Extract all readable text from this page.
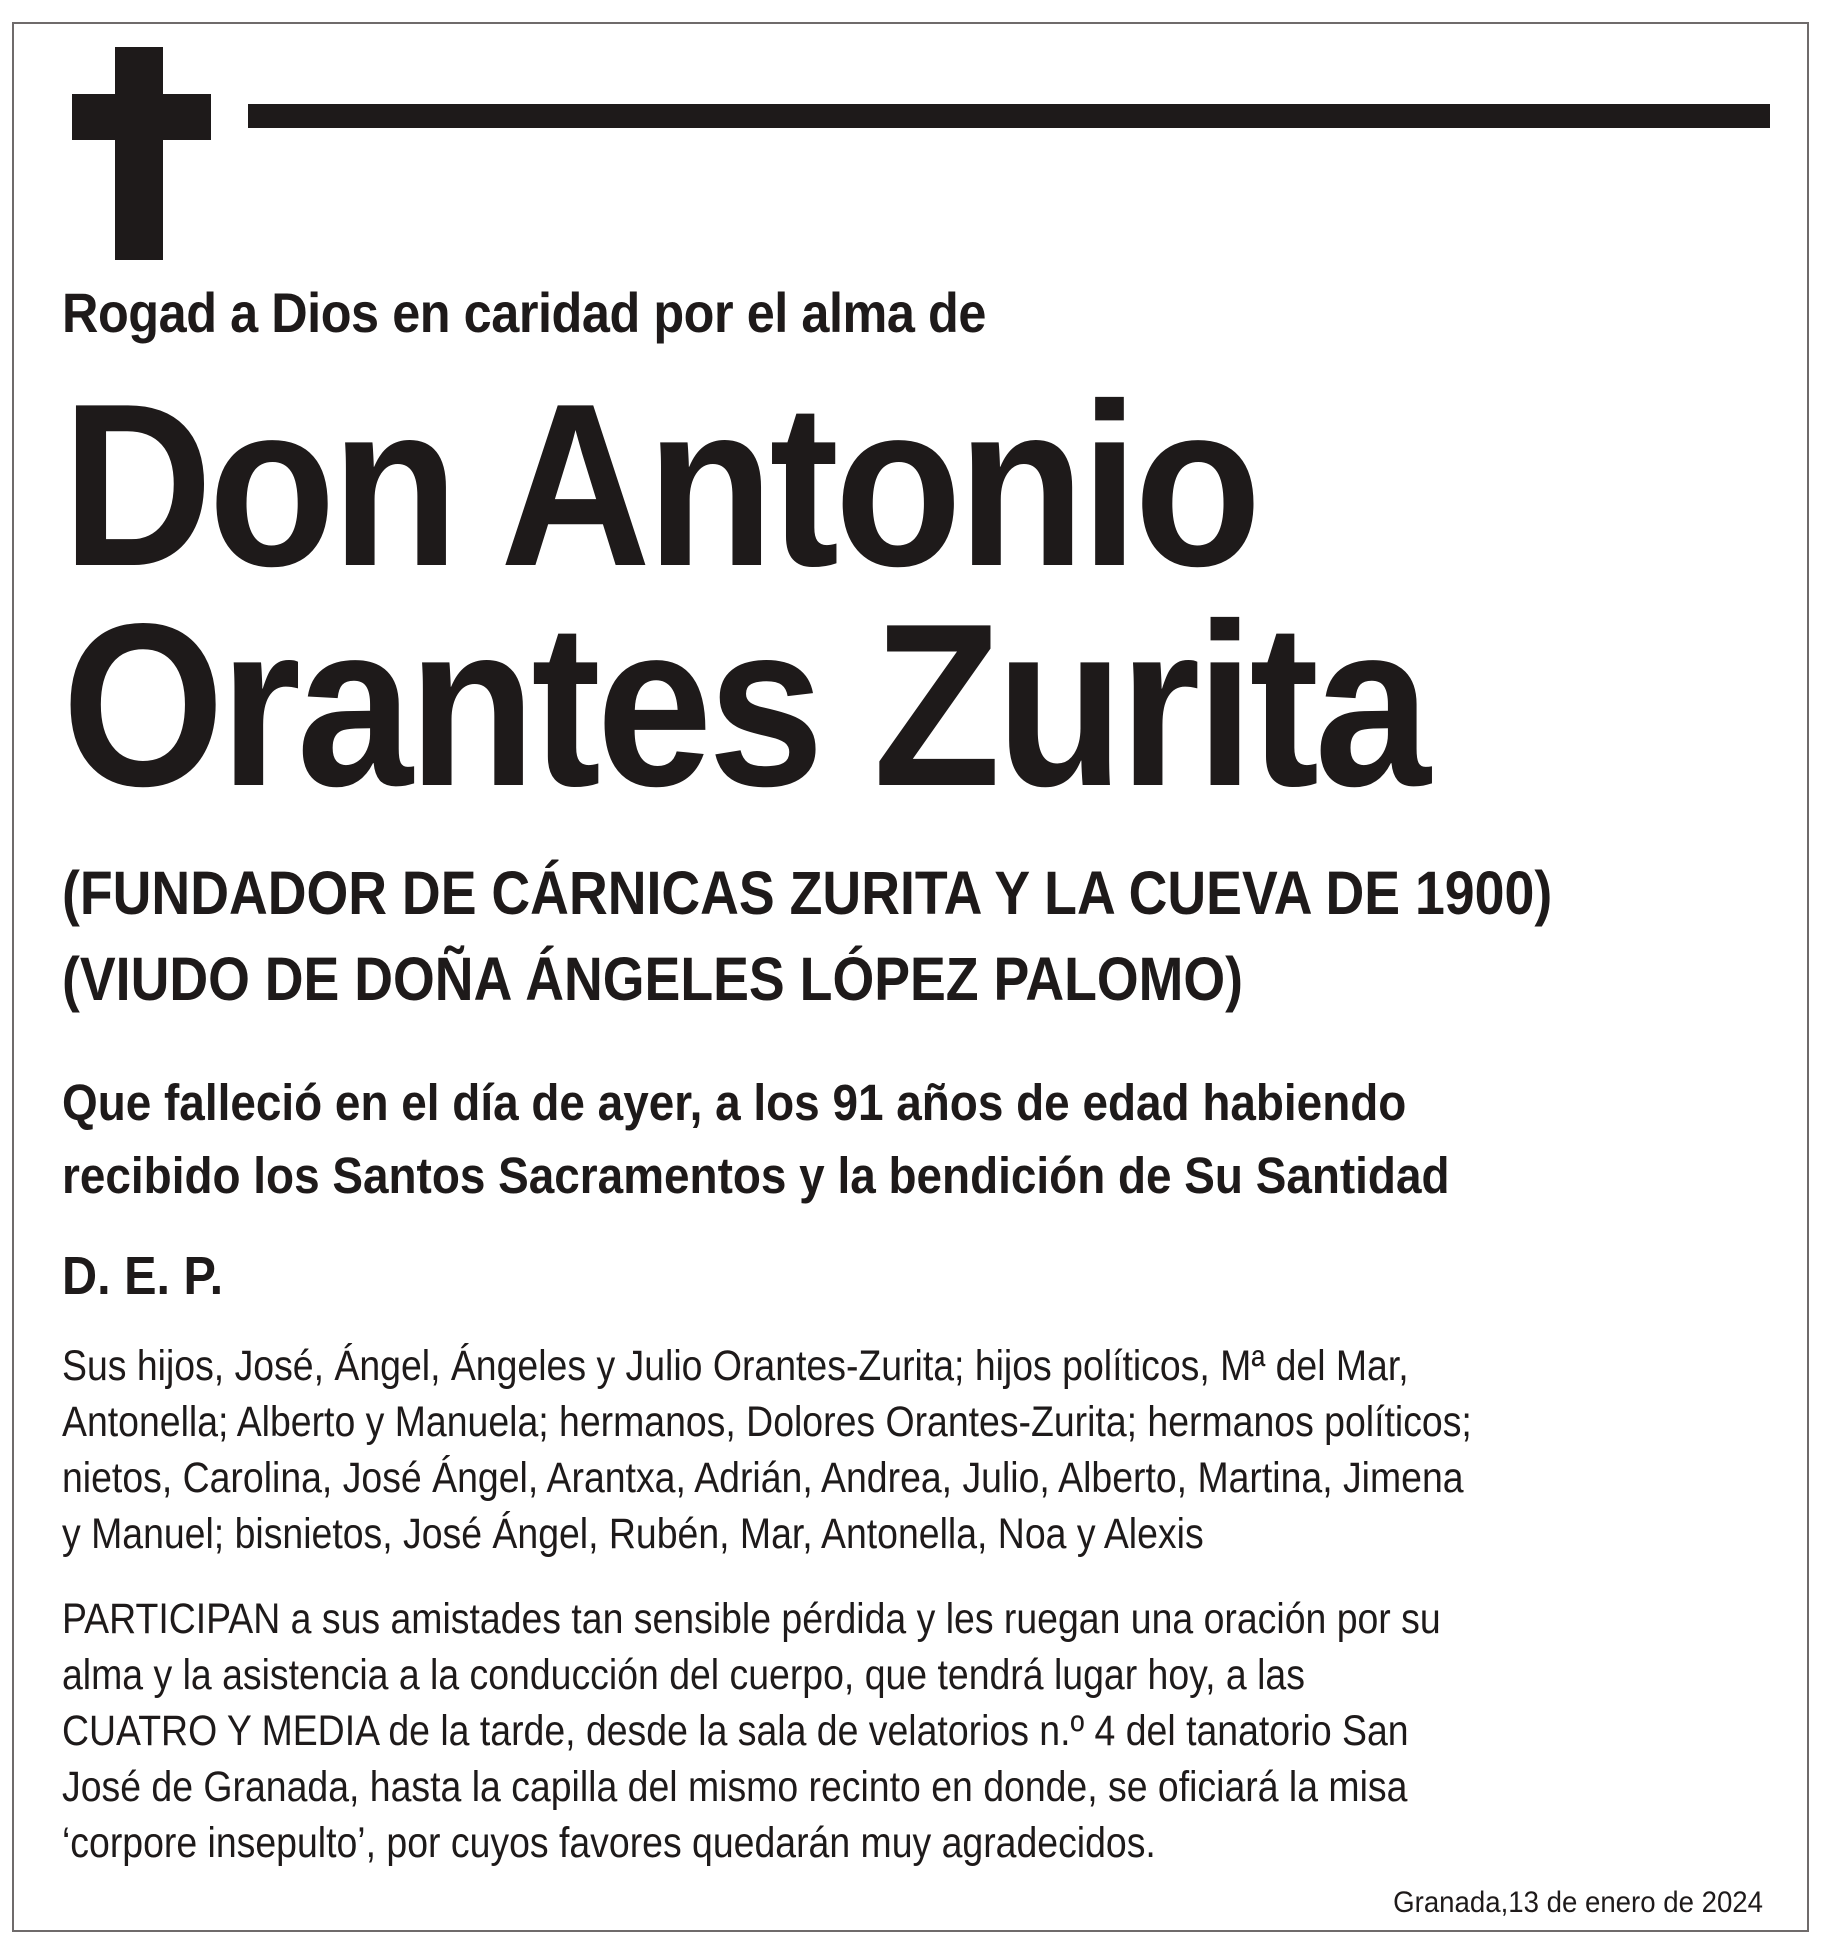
Rogad a Dios en caridad por el alma de

Don Antonio

Orantes Zurita

(FUNDADOR DE CÁRNICAS ZURITA Y LA CUEVA DE 1900)

(VIUDO DE DOÑA ÁNGELES LÓPEZ PALOMO)

Que falleció en el día de ayer, a los 91 años de edad habiendo

recibido los Santos Sacramentos y la bendición de Su Santidad

D. E. P.

Sus hijos, José, Ángel, Ángeles y Julio Orantes-Zurita; hijos políticos, Mª del Mar,
Antonella; Alberto y Manuela; hermanos, Dolores Orantes-Zurita; hermanos políticos;
nietos, Carolina, José Ángel, Arantxa, Adrián, Andrea, Julio, Alberto, Martina, Jimena
y Manuel; bisnietos, José Ángel, Rubén, Mar, Antonella, Noa y Alexis
PARTICIPAN a sus amistades tan sensible pérdida y les ruegan una oración por su
alma y la asistencia a la conducción del cuerpo, que tendrá lugar hoy, a las
CUATRO Y MEDIA de la tarde, desde la sala de velatorios n.º 4 del tanatorio San
José de Granada, hasta la capilla del mismo recinto en donde, se oficiará la misa
‘corpore insepulto’, por cuyos favores quedarán muy agradecidos.
Granada,13 de enero de 2024
